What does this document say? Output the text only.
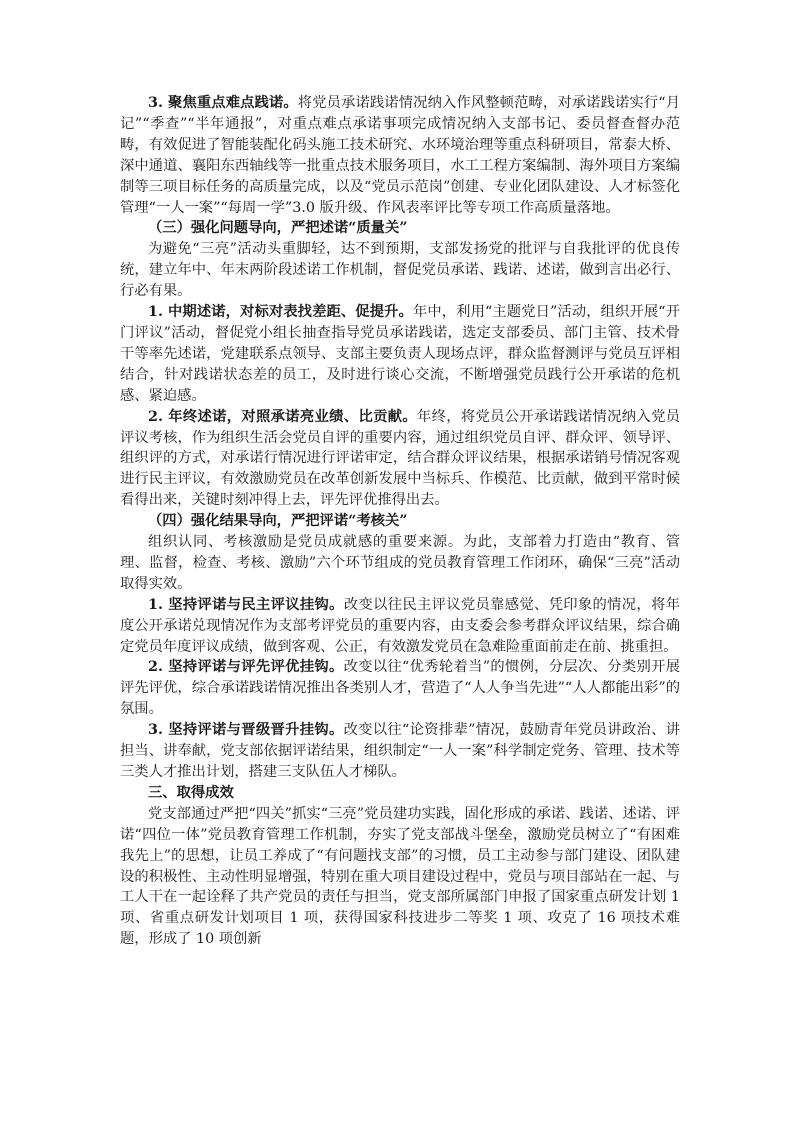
3. 聚焦重点难点践诺。将党员承诺践诺情况纳入作风整顿范畴，对承诺践诺实行“月记”“季查”“半年通报”，对重点难点承诺事项完成情况纳入支部书记、委员督查督办范畴，有效促进了智能装配化码头施工技术研究、水环境治理等重点科研项目，常泰大桥、深中通道、襄阳东西轴线等一批重点技术服务项目，水工工程方案编制、海外项目方案编制等三项目标任务的高质量完成，以及“党员示范岗”创建、专业化团队建设、人才标签化管理“一人一案”“每周一学”3.0 版升级、作风表率评比等专项工作高质量落地。

（三）强化问题导向，严把述诺“质量关”

为避免“三亮”活动头重脚轻，达不到预期，支部发扬党的批评与自我批评的优良传统，建立年中、年末两阶段述诺工作机制，督促党员承诺、践诺、述诺，做到言出必行、行必有果。

1. 中期述诺，对标对表找差距、促提升。年中，利用“主题党日”活动，组织开展“开门评议”活动，督促党小组长抽查指导党员承诺践诺，选定支部委员、部门主管、技术骨干等率先述诺，党建联系点领导、支部主要负责人现场点评，群众监督测评与党员互评相结合，针对践诺状态差的员工，及时进行谈心交流，不断增强党员践行公开承诺的危机感、紧迫感。

2. 年终述诺，对照承诺亮业绩、比贡献。年终，将党员公开承诺践诺情况纳入党员评议考核，作为组织生活会党员自评的重要内容，通过组织党员自评、群众评、领导评、组织评的方式，对承诺行情况进行评诺审定，结合群众评议结果，根据承诺销号情况客观进行民主评议，有效激励党员在改革创新发展中当标兵、作模范、比贡献，做到平常时候看得出来，关键时刻冲得上去，评先评优推得出去。

（四）强化结果导向，严把评诺“考核关”

组织认同、考核激励是党员成就感的重要来源。为此，支部着力打造由“教育、管理、监督，检查、考核、激励”六个环节组成的党员教育管理工作闭环，确保“三亮”活动取得实效。

1. 坚持评诺与民主评议挂钩。改变以往民主评议党员靠感觉、凭印象的情况，将年度公开承诺兑现情况作为支部考评党员的重要内容，由支委会参考群众评议结果，综合确定党员年度评议成绩，做到客观、公正，有效激发党员在急难险重面前走在前、挑重担。

2. 坚持评诺与评先评优挂钩。改变以往“优秀轮着当”的惯例，分层次、分类别开展评先评优，综合承诺践诺情况推出各类别人才，营造了“人人争当先进”“人人都能出彩”的氛围。

3. 坚持评诺与晋级晋升挂钩。改变以往“论资排辈”情况，鼓励青年党员讲政治、讲担当、讲奉献，党支部依据评诺结果，组织制定“一人一案”科学制定党务、管理、技术等三类人才推出计划，搭建三支队伍人才梯队。

三、取得成效

党支部通过严把“四关”抓实“三亮”党员建功实践，固化形成的承诺、践诺、述诺、评诺“四位一体”党员教育管理工作机制，夯实了党支部战斗堡垒，激励党员树立了“有困难我先上”的思想，让员工养成了“有问题找支部”的习惯，员工主动参与部门建设、团队建设的积极性、主动性明显增强，特别在重大项目建设过程中，党员与项目部站在一起、与工人干在一起诠释了共产党员的责任与担当，党支部所属部门申报了国家重点研发计划 1 项、省重点研发计划项目 1 项，获得国家科技进步二等奖 1 项、攻克了 16 项技术难题，形成了 10 项创新
